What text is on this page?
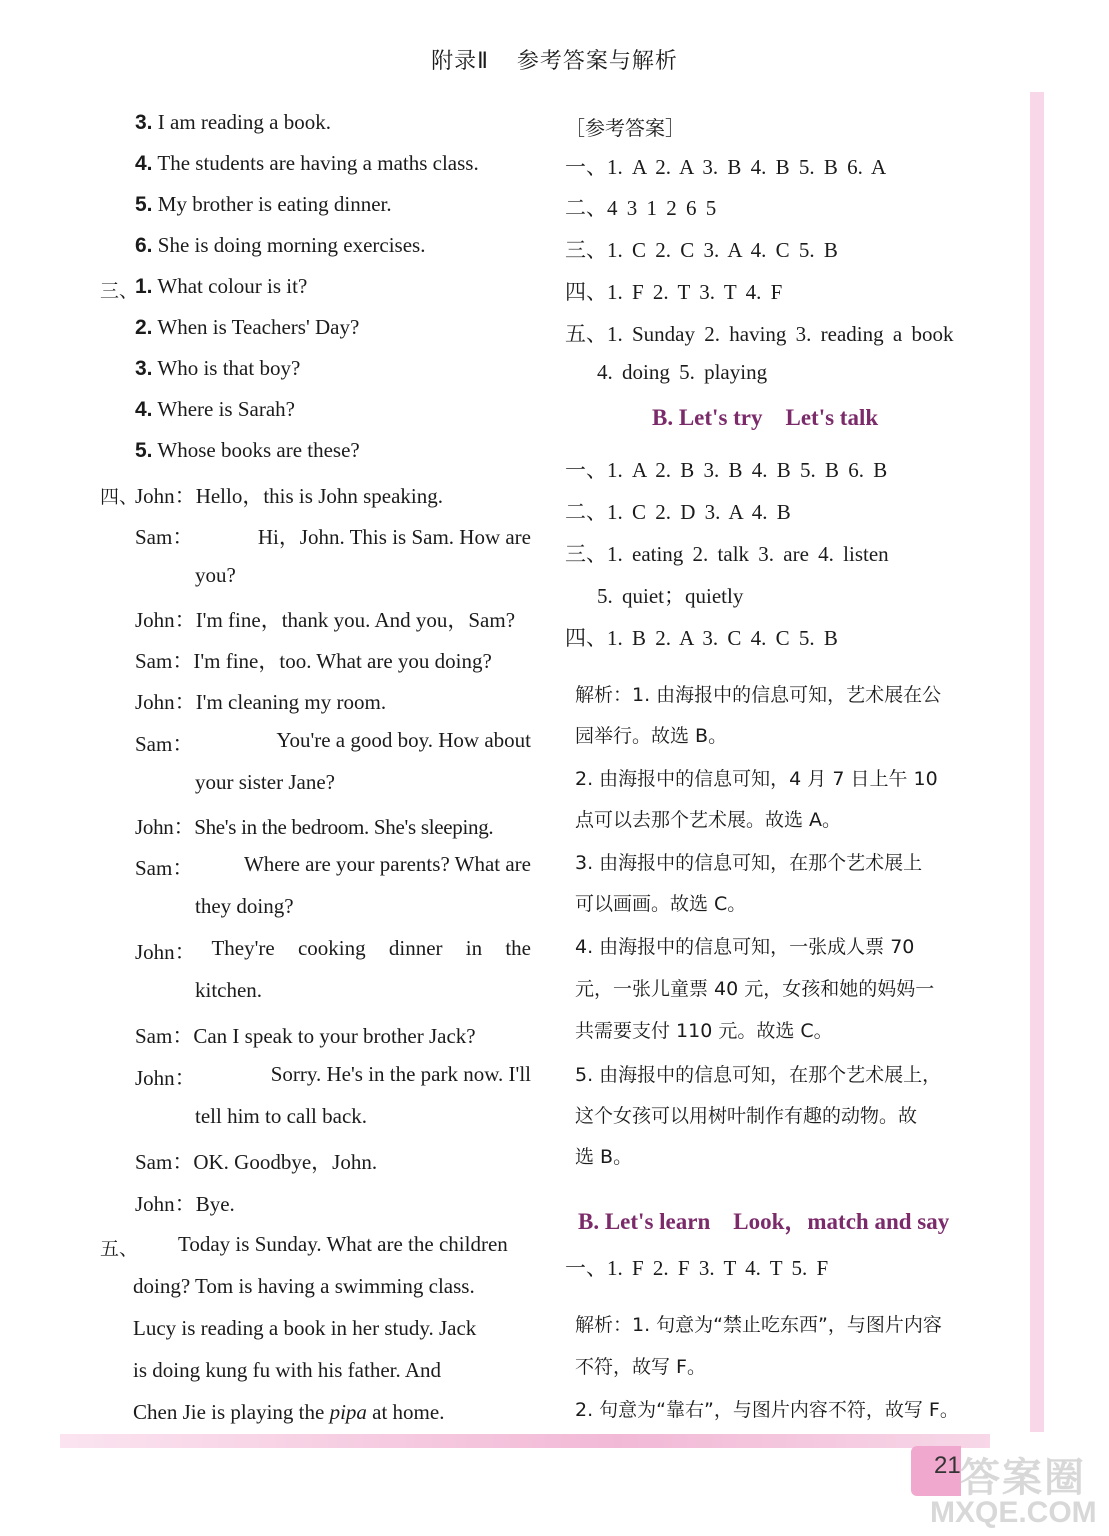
附录Ⅱ 参考答案与解析
3. I am reading a book.
4. The students are having a maths class.
5. My brother is eating dinner.
6. She is doing morning exercises.
三、
1. What colour is it?
2. When is Teachers' Day?
3. Who is that boy?
4. Where is Sarah?
5. Whose books are these?
四、
John：Hello，this is John speaking.
Sam：	Hi，John. This is Sam. How are
you?
John：I'm fine，thank you. And you，Sam?
Sam：I'm fine，too. What are you doing?
John：I'm cleaning my room.
Sam：	You're a good boy. How about
your sister Jane?
John：She's in the bedroom. She's sleeping.
Sam： Where are your parents? What are
they doing?
John： They're cooking dinner in the
kitchen.
Sam：Can I speak to your brother Jack?
John：	Sorry. He's in the park now. I'll
tell him to call back.
Sam：OK. Goodbye，John.
John：Bye.
五、 Today is Sunday. What are the children
doing? Tom is having a swimming class.
Lucy is reading a book in her study. Jack
is doing kung fu with his father. And
Chen Jie is playing the pipa at home.
［参考答案］
一、1. A 2. A 3. B 4. B 5. B 6. A
二、4 3 1 2 6 5
三、1. C 2. C 3. A 4. C 5. B
四、1. F 2. T 3. T 4. F
五、1. Sunday 2. having 3. reading a book
4. doing 5. playing
B. Let's try    Let's talk
一、1. A 2. B 3. B 4. B 5. B 6. B
二、1. C 2. D 3. A 4. B
三、1. eating 2. talk 3. are 4. listen
5. quiet；quietly
四、1. B 2. A 3. C 4. C 5. B
解析：1. 由海报中的信息可知，艺术展在公
园举行。故选 B。
2. 由海报中的信息可知，4 月 7 日上午 10
点可以去那个艺术展。故选 A。
3. 由海报中的信息可知，在那个艺术展上
可以画画。故选 C。
4. 由海报中的信息可知，一张成人票 70
元，一张儿童票 40 元，女孩和她的妈妈一
共需要支付 110 元。故选 C。
5. 由海报中的信息可知，在那个艺术展上，
这个女孩可以用树叶制作有趣的动物。故
选 B。
B. Let's learn    Look，match and say
一、1. F 2. F 3. T 4. T 5. F
解析：1. 句意为“禁止吃东西”，与图片内容
不符，故写 F。
2. 句意为“靠右”，与图片内容不符，故写 F。
21 答案圈
MXQE.COM
